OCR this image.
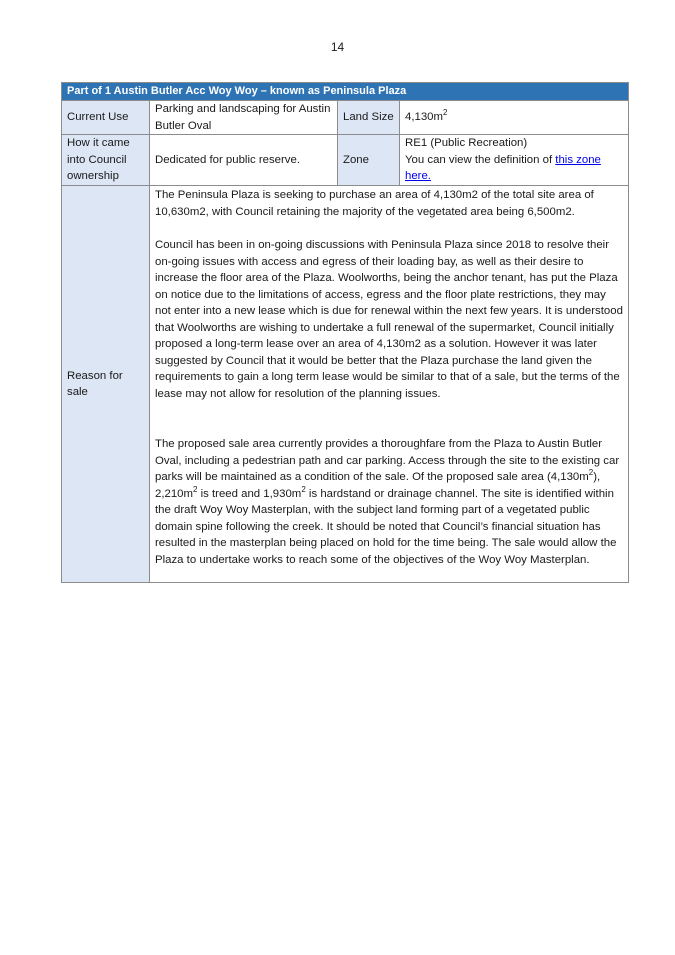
14
Part of 1 Austin Butler Acc Woy Woy – known as Peninsula Plaza			
Current Use	Parking and landscaping for Austin Butler Oval	Land Size	$4,130m^2$
How it came into Council ownership	Dedicated for public reserve.	Zone	RE1 (Public Recreation)
You can view the definition of this zone here.

Reason for sale	The Peninsula Plaza is seeking to purchase an area of 4,130m2 of the total site area of 10,630m2, with Council retaining the majority of the vegetated area being 6,500m2.

Council has been in on-going discussions with Peninsula Plaza since 2018 to resolve their on-going issues with access and egress of their loading bay, as well as their desire to increase the floor area of the Plaza. Woolworths, being the anchor tenant, has put the Plaza on notice due to the limitations of access, egress and the floor plate restrictions, they may not enter into a new lease which is due for renewal within the next few years. It is understood that Woolworths are wishing to undertake a full renewal of the supermarket, Council initially proposed a long-term lease over an area of 4,130m2 as a solution. However it was later suggested by Council that it would be better that the Plaza purchase the land given the requirements to gain a long term lease would be similar to that of a sale, but the terms of the lease may not allow for resolution of the planning issues.

The proposed sale area currently provides a thoroughfare from the Plaza to Austin Butler Oval, including a pedestrian path and car parking. Access through the site to the existing car parks will be maintained as a condition of the sale. Of the proposed sale area $(4,130m^2)$, $2,210m^2$ is treed and $1,930m^2$ is hardstand or drainage channel. The site is identified within the draft Woy Woy Masterplan, with the subject land forming part of a vegetated public domain spine following the creek. It should be noted that Council’s financial situation has resulted in the masterplan being placed on hold for the time being. The sale would allow the Plaza to undertake works to reach some of the objectives of the Woy Woy Masterplan.		
